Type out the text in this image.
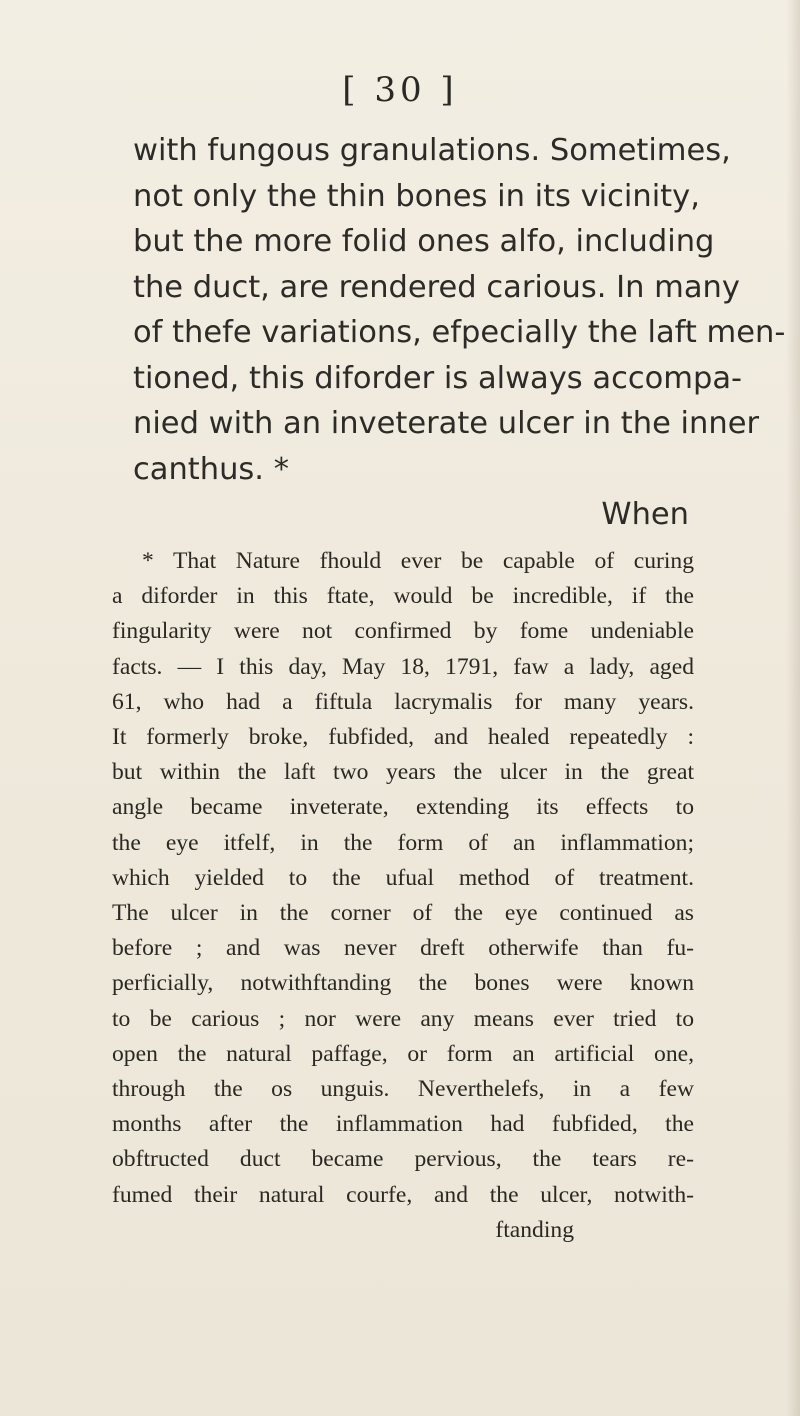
[ 30 ]
with fungous granulations. Sometimes,
not only the thin bones in its vicinity,
but the more folid ones alfo, including
the duct, are rendered carious. In many
of thefe variations, efpecially the laft men-
tioned, this diforder is always accompa-
nied with an inveterate ulcer in the inner
canthus. *
When
* That Nature fhould ever be capable of curing
a diforder in this ftate, would be incredible, if the
fingularity were not confirmed by fome undeniable
facts. — I this day, May 18, 1791, faw a lady, aged
61, who had a fiftula lacrymalis for many years.
It formerly broke, fubfided, and healed repeatedly :
but within the laft two years the ulcer in the great
angle became inveterate, extending its effects to
the eye itfelf, in the form of an inflammation;
which yielded to the ufual method of treatment.
The ulcer in the corner of the eye continued as
before ; and was never dreft otherwife than fu-
perficially, notwithftanding the bones were known
to be carious ; nor were any means ever tried to
open the natural paffage, or form an artificial one,
through the os unguis. Neverthelefs, in a few
months after the inflammation had fubfided, the
obftructed duct became pervious, the tears re-
fumed their natural courfe, and the ulcer, notwith-
ftanding
